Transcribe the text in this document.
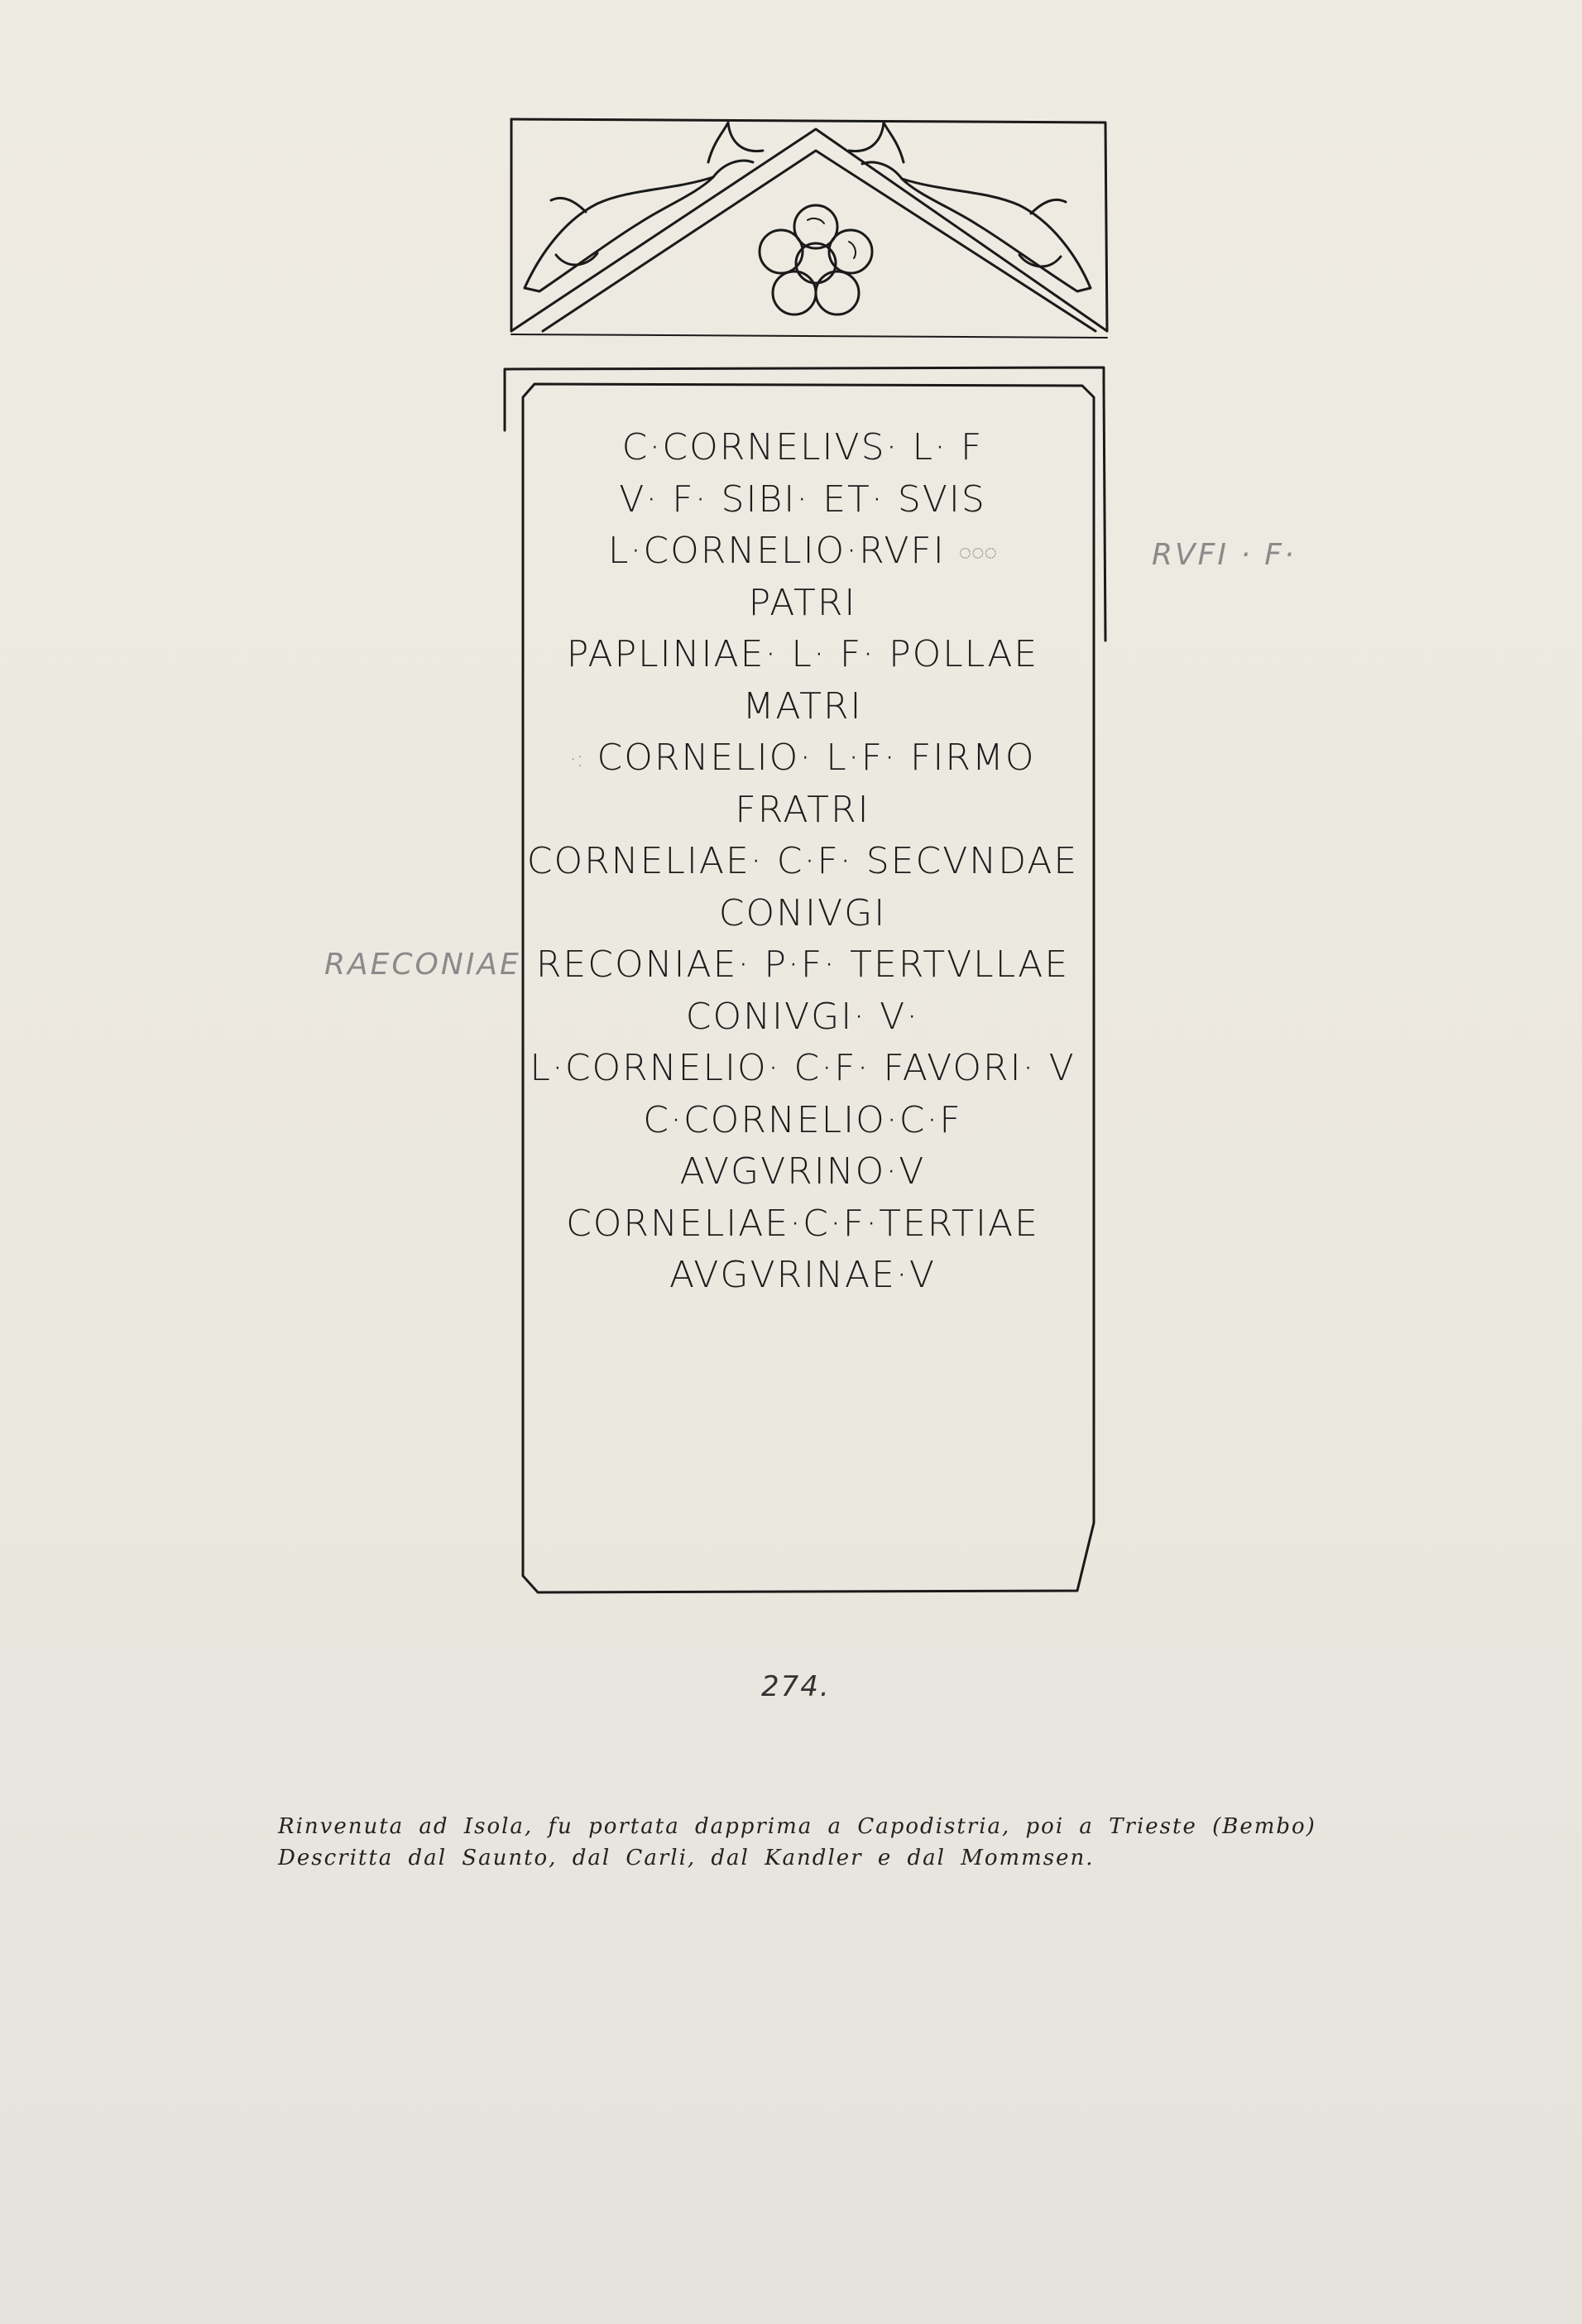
C·CORNELIVS· L· F
V· F· SIBI· ET· SVIS
L·CORNELIO·RVFI ◌◌◌
PATRI
PAPLINIAE· L· F· POLLAE
MATRI
·: CORNELIO· L·F· FIRMO
FRATRI
CORNELIAE· C·F· SECVNDAE
CONIVGI
RECONIAE· P·F· TERTVLLAE
CONIVGI· V·
L·CORNELIO· C·F· FAVORI· V
C·CORNELIO·C·F
AVGVRINO·V
CORNELIAE·C·F·TERTIAE
AVGVRINAE·V
RVFI · F·
RAECONIAE
274.
Rinvenuta ad Isola, fu portata dapprima a Capodistria, poi a Trieste (Bembo)
Descritta dal Saunto, dal Carli, dal Kandler e dal Mommsen.
